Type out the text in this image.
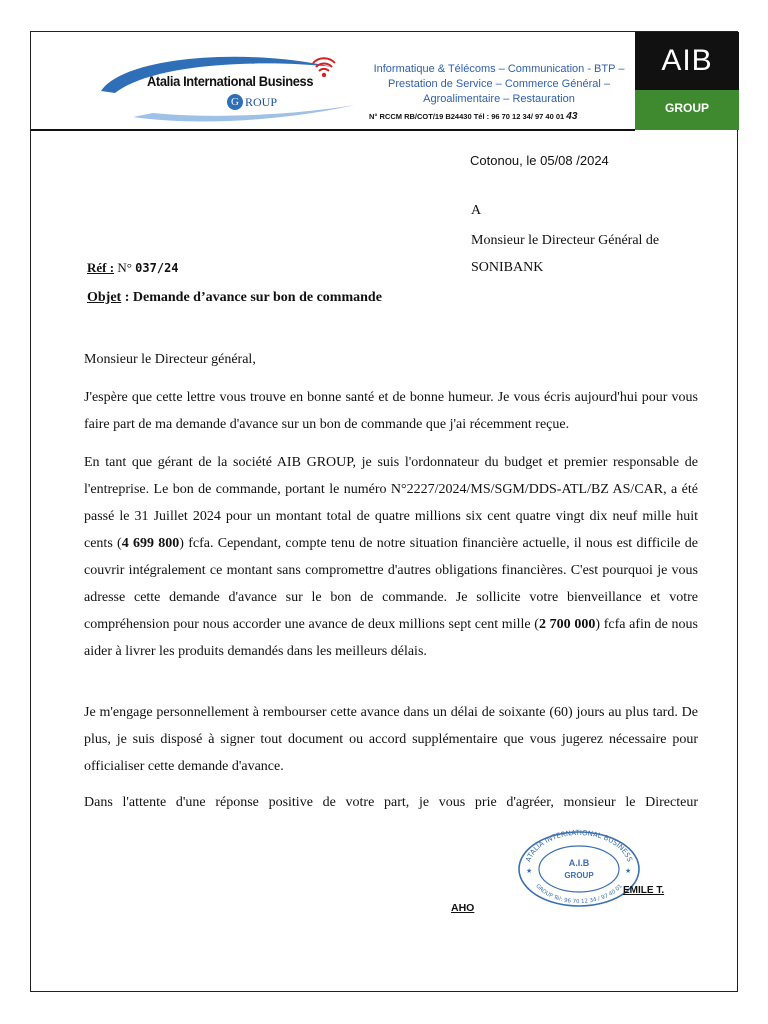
Atalia International Business
G ROUP
Informatique & Télécoms – Communication - BTP –
Prestation de Service – Commerce Général –
Agroalimentaire – Restauration
N° RCCM RB/COT/19 B24430 Tél : 96 70 12 34/ 97 40 01 43
AIB
GROUP
Cotonou, le 05/08 /2024
A
Monsieur le Directeur Général de
SONIBANK
Réf : N° 037/24
Objet : Demande d’avance sur bon de commande
Monsieur le Directeur général,
J'espère que cette lettre vous trouve en bonne santé et de bonne humeur. Je vous écris aujourd'hui pour vous faire part de ma demande d'avance sur un bon de commande que j'ai récemment reçue.
En tant que gérant de la société AIB GROUP, je suis l'ordonnateur du budget et premier responsable de l'entreprise. Le bon de commande, portant le numéro N°2227/2024/MS/SGM/DDS-ATL/BZ AS/CAR, a été passé le 31 Juillet 2024 pour un montant total de quatre millions six cent quatre vingt dix neuf mille huit cents (4 699 800) fcfa. Cependant, compte tenu de notre situation financière actuelle, il nous est difficile de couvrir intégralement ce montant sans compromettre d'autres obligations financières. C'est pourquoi je vous adresse cette demande d'avance sur le bon de commande. Je sollicite votre bienveillance et votre compréhension pour nous accorder une avance de deux millions sept cent mille (2 700 000) fcfa afin de nous aider à livrer les produits demandés dans les meilleurs délais.
Je m'engage personnellement à rembourser cette avance dans un délai de soixante (60) jours au plus tard. De plus, je suis disposé à signer tout document ou accord supplémentaire que vous jugerez nécessaire pour officialiser cette demande d'avance.
Dans l'attente d'une réponse positive de votre part, je vous prie d'agréer, monsieur le Directeur
ATALIA INTERNATIONAL BUSINESS
GROUP Tél: 96 70 12 34 / 97 40 01
A.I.B
GROUP
★	★
EMILE T.
AHO
